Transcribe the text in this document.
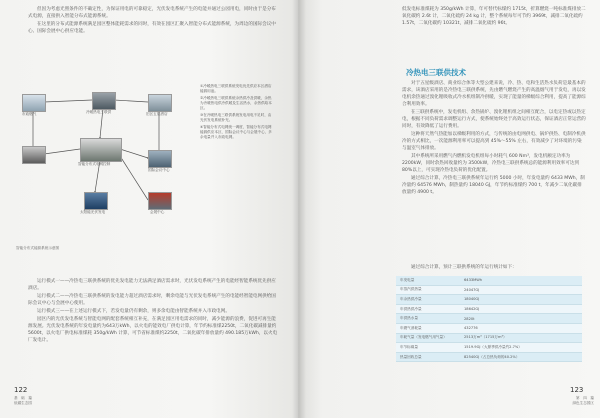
但因为考虑光照条件的不确定性，为保证用电的可靠稳定，光伏发电系统产生的电能并通过公园用电，同时由于是分布式电源，直接供入智能分布式能源系统。

在这里的分布式能源系统满足园区整体能耗需求的同时，有效在园区汇聚入智能分布式能源系统，为周边的国际会议中心、国际会展中心供应电能。

市政燃气	冷暖热电三联供	旧区五星酒店
智能分布式电网控制
国际会议中心
太阳能光伏发电	会展中心

①冷暖热电三联供系统发电优先供应本区酒店能源用途。

②冷暖热电三联供系统余热供冷及供暖，余热为冷暖热电供冷供暖及生活热水，余热供给本区。

③在冷暖热电三联供系统发电用电不足时，由光伏发电系统补充。

④智能分布式电网统一调度，智能分布式电网能源供应本区、国际会议中心与会展中心，多余电量并入市政电网。

智能分布式能源系统示意图

运行模式一——冷热电三联供系统的优先发电能力无法满足酒店需求时，光伏发电系统产生的电能经智能系统优先供应酒店。

运行模式二——冷热电三联供系统的发电能力超过酒店需求时，剩余电能与光伏发电系统产生的电能经智能电网供给国际会议中心与会展中心使用。

运行模式三——在上述运行模式下，若发电量仍有剩余，则多余电能由智能系统并入市政电网。

园区内的光伏发电系统与智能电网的配套系统相互补充，在满足园区用电需求的同时，减少能源的浪费，促进可再生能源发展。光伏发电系统的年发电量约为643万kWh，以火电的能效电厂供电计算，年节约标准煤2250t，二氧化碳减排量约5600t，以火电厂供电标准煤耗 350g/kWh 计算，可节省标准煤约2250t，二氧化碳年排放量约 490.185万kWh，以火电厂发电计。

122
基　础　篇
低碳生态园

低发电标准煤耗为 350g/kWh 计算，年可替代标煤约 1715t，折算燃烧一吨标准煤排放二氧化碳约 2.6t 计，二氧化硫约 24 kg 计，整个系统每年可节约 3969t，减排二氧化硫约 1.57t，二氧化碳约 10321t，减排二氧化硫约 96t。

冷热电三联供技术

对于五星级酒店、商业综合体等大型公建来说，冷、热、电和生活热水负荷是最基本的需求，该酒店采用的是冷热电三联供系统，先由燃气燃烧产生的高温烟气用于发电，再以发电机余热通过溴化锂吸收式冷水机组制冷供暖，实现了能量的梯级综合利用，提高了能源综合利用效率。

在三联供系统中，发电机组、余热锅炉、溴化锂机组之间相互配合，以电定热或以热定电，根据不同负荷需求调整运行方式，使系统始终处于高效运行状态，保证酒店正常运营的同时，有效降低了运行费用。

这种将天然气热能加以梯级利用的方式，与传统的由电网供电、锅炉供热、电制冷机供冷的方式相比，一次能源利用率可以提高到 45%～55% 左右，有效减少了对环境的污染与温室气体排放。

其中系统所采用燃气内燃机发电机组每小时耗气 600 Nm³，发电机额定功率为 2200kW，同时余热回收量约为 3500kW，冷热电三联供系统总的能源利用效率可达到 80%以上，可实现冷热电负荷的优化配置。

通过综合计算，冷热电三联供系统年运行约 5000 小时，年发电量约 6433 MWh，制冷量约 64576 MWh，制热量约 18040 GJ，年节约标准煤约 700 t，年减少二氧化碳排放量约 4900 t。

通过综合计算，预计三联供系统的年运行统计如下：

年发电量	6433MWh
年蒸汽供热量	24047GJ
年余热供冷量	18040GJ
年供热供冷量	18642GJ
年供热水量	2820t
年燃气消耗量	432776
年耗气量（发电燃气用气量）	2513万m³（1715万m³）
年节标煤量	1519.9GJ（大厦季供冷量约2.7%）
热量回收总量	82540GJ（占总热负荷的40.2%）
123
第　四　篇
绿色生态园区
